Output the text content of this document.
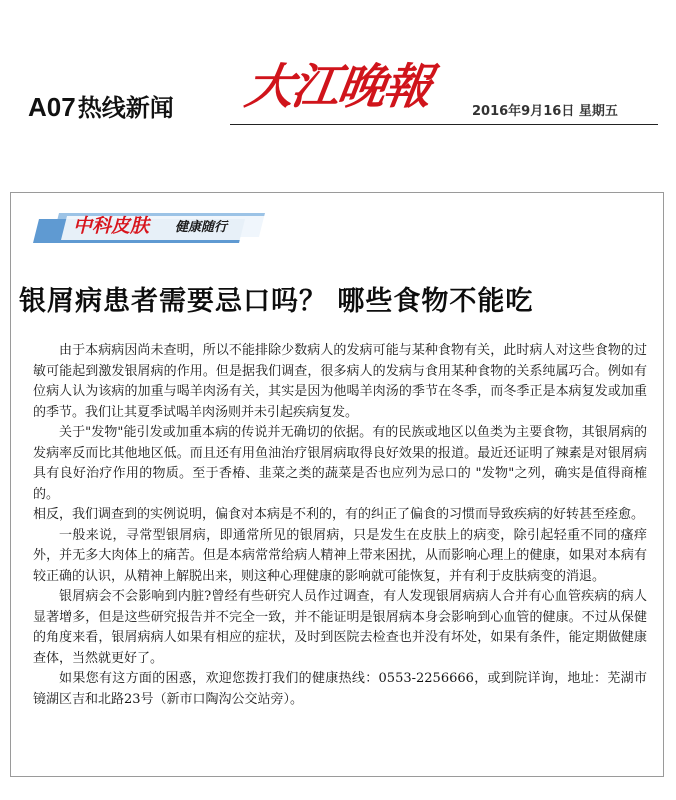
A07热线新闻 大江晚報	2016年9月16日 星期五
中科皮肤 健康随行
银屑病患者需要忌口吗？ 哪些食物不能吃

由于本病病因尚未查明，所以不能排除少数病人的发病可能与某种食物有关，此时病人对这些食物的过敏可能起到激发银屑病的作用。但是据我们调查，很多病人的发病与食用某种食物的关系纯属巧合。例如有位病人认为该病的加重与喝羊肉汤有关，其实是因为他喝羊肉汤的季节在冬季，而冬季正是本病复发或加重的季节。我们让其夏季试喝羊肉汤则并未引起疾病复发。

关于"发物"能引发或加重本病的传说并无确切的依据。有的民族或地区以鱼类为主要食物，其银屑病的发病率反而比其他地区低。而且还有用鱼油治疗银屑病取得良好效果的报道。最近还证明了辣素是对银屑病具有良好治疗作用的物质。至于香椿、韭菜之类的蔬菜是否也应列为忌口的 "发物"之列，确实是值得商榷的。

相反，我们调查到的实例说明，偏食对本病是不利的，有的纠正了偏食的习惯而导致疾病的好转甚至痊愈。

一般来说，寻常型银屑病，即通常所见的银屑病，只是发生在皮肤上的病变，除引起轻重不同的瘙痒外，并无多大肉体上的痛苦。但是本病常常给病人精神上带来困扰，从而影响心理上的健康，如果对本病有较正确的认识，从精神上解脱出来，则这种心理健康的影响就可能恢复，并有利于皮肤病变的消退。

银屑病会不会影响到内脏?曾经有些研究人员作过调查，有人发现银屑病病人合并有心血管疾病的病人显著增多，但是这些研究报告并不完全一致，并不能证明是银屑病本身会影响到心血管的健康。不过从保健的角度来看，银屑病病人如果有相应的症状，及时到医院去检查也并没有坏处，如果有条件，能定期做健康查体，当然就更好了。

如果您有这方面的困惑，欢迎您拨打我们的健康热线：0553-2256666，或到院详询，地址：芜湖市镜湖区吉和北路23号（新市口陶沟公交站旁）。
